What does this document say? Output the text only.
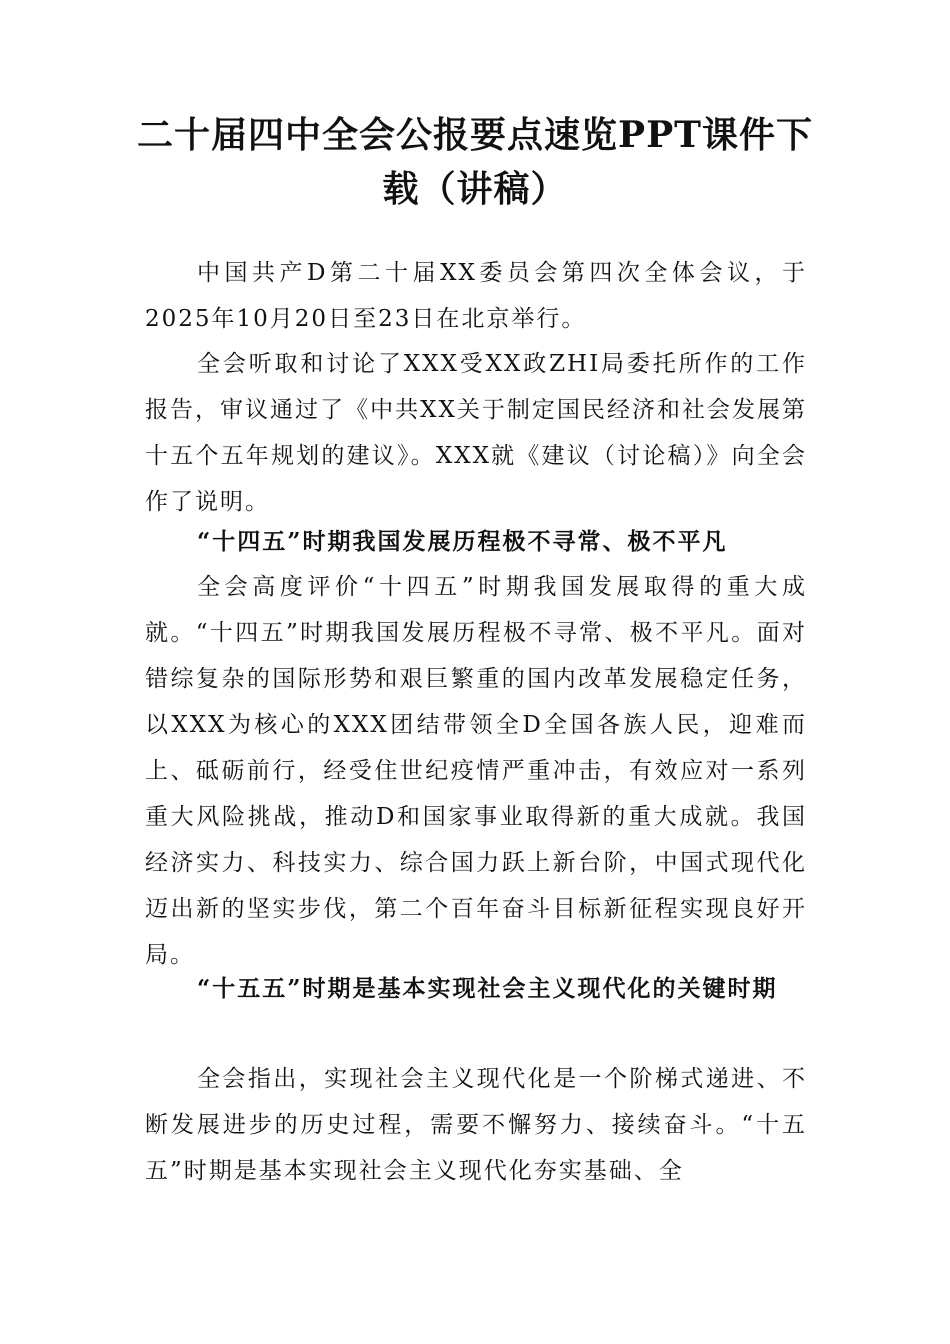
二十届四中全会公报要点速览PPT课件下载（讲稿）

中国共产D第二十届XX委员会第四次全体会议，于2025年10月20日至23日在北京举行。

全会听取和讨论了XXX受XX政ZHI局委托所作的工作报告，审议通过了《中共XX关于制定国民经济和社会发展第十五个五年规划的建议》。XXX就《建议（讨论稿）》向全会作了说明。

“十四五”时期我国发展历程极不寻常、极不平凡

全会高度评价“十四五”时期我国发展取得的重大成就。“十四五”时期我国发展历程极不寻常、极不平凡。面对错综复杂的国际形势和艰巨繁重的国内改革发展稳定任务，以XXX为核心的XXX团结带领全D全国各族人民，迎难而上、砥砺前行，经受住世纪疫情严重冲击，有效应对一系列重大风险挑战，推动D和国家事业取得新的重大成就。我国经济实力、科技实力、综合国力跃上新台阶，中国式现代化迈出新的坚实步伐，第二个百年奋斗目标新征程实现良好开局。

“十五五”时期是基本实现社会主义现代化的关键时期

全会指出，实现社会主义现代化是一个阶梯式递进、不断发展进步的历史过程，需要不懈努力、接续奋斗。“十五五”时期是基本实现社会主义现代化夯实基础、全
